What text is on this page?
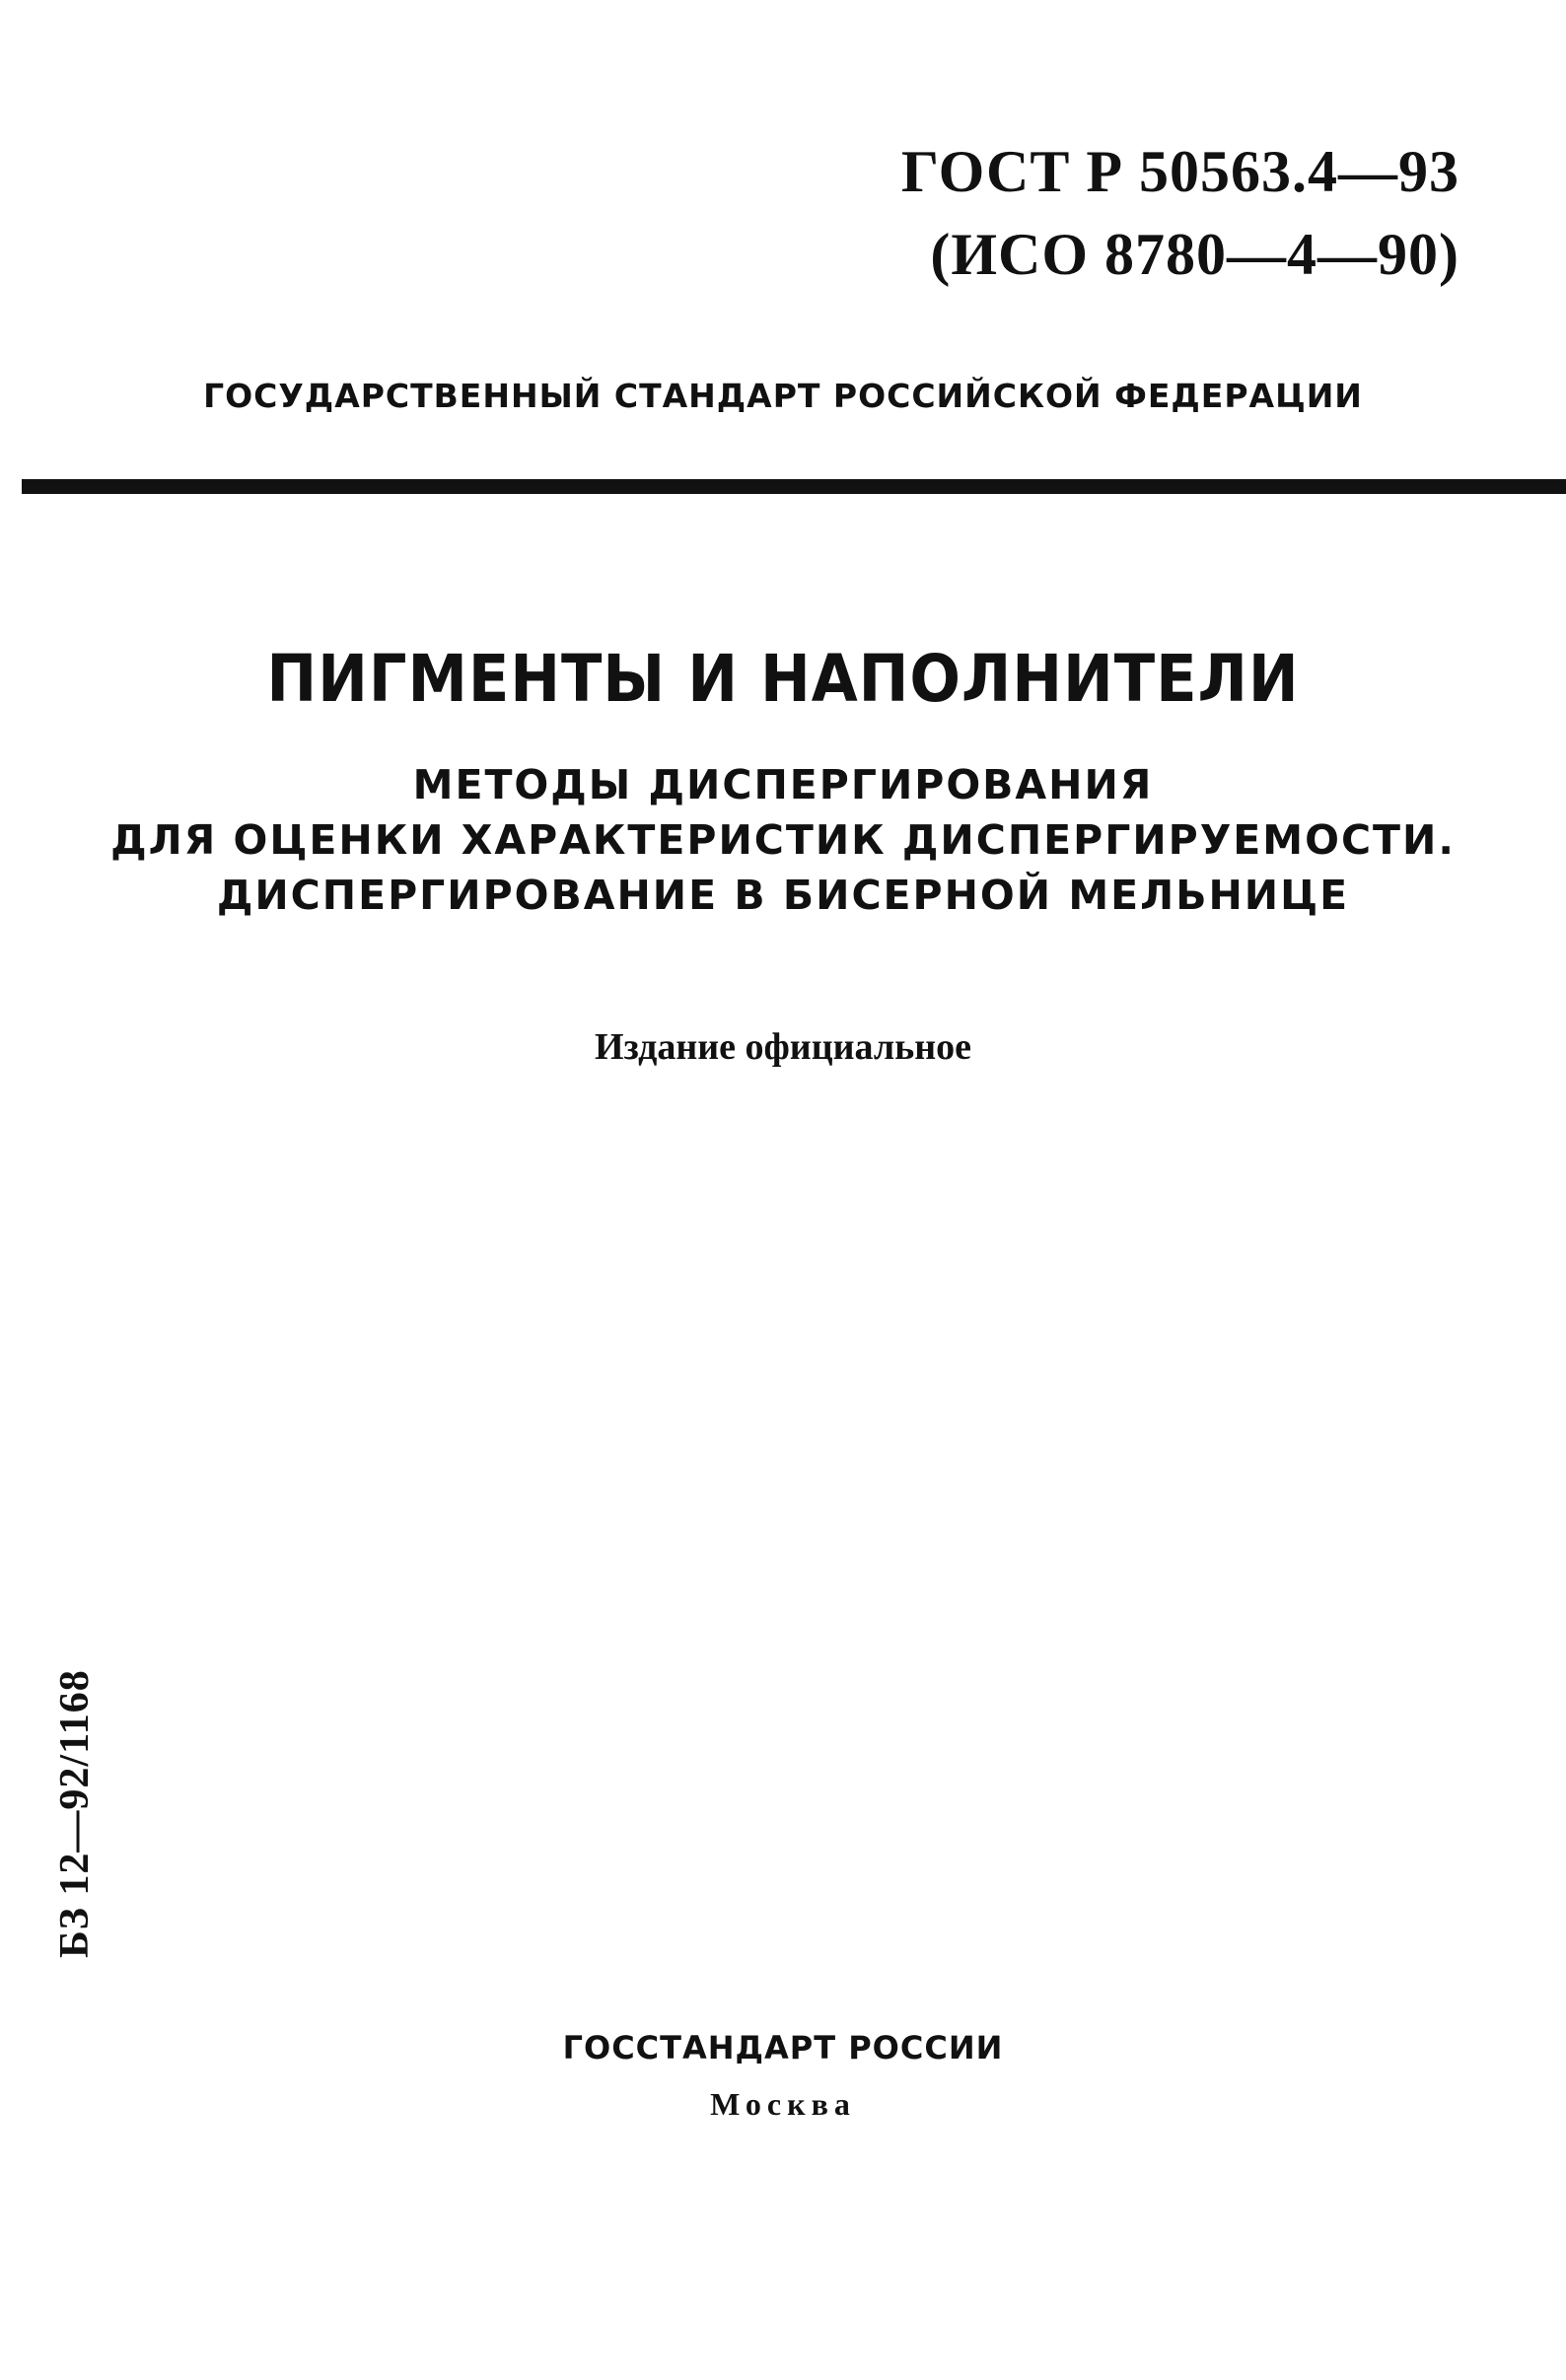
ГОСТ Р 50563.4—93
(ИСО 8780—4—90)
ГОСУДАРСТВЕННЫЙ СТАНДАРТ РОССИЙСКОЙ ФЕДЕРАЦИИ
ПИГМЕНТЫ И НАПОЛНИТЕЛИ
МЕТОДЫ ДИСПЕРГИРОВАНИЯ
ДЛЯ ОЦЕНКИ ХАРАКТЕРИСТИК ДИСПЕРГИРУЕМОСТИ.
ДИСПЕРГИРОВАНИЕ В БИСЕРНОЙ МЕЛЬНИЦЕ
Издание официальное
БЗ 12—92/1168
ГОССТАНДАРТ РОССИИ
Москва
